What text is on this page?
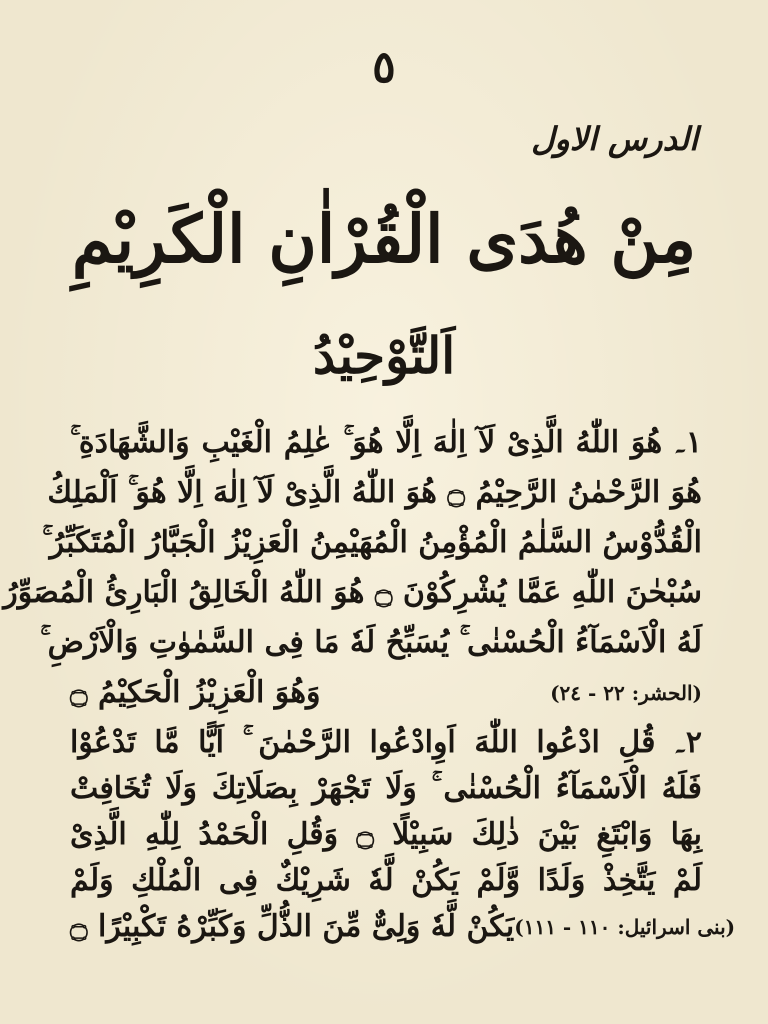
٥
الدرس الاول
مِنْ هُدَى الْقُرْاٰنِ الْكَرِيْمِ
اَلتَّوْحِيْدُ
١۔ هُوَ اللّٰهُ الَّذِىْ لَآ اِلٰهَ اِلَّا هُوَ ۚ عٰلِمُ الْغَيْبِ وَالشَّهَادَةِ ۚ
هُوَ الرَّحْمٰنُ الرَّحِيْمُ ۝ هُوَ اللّٰهُ الَّذِىْ لَآ اِلٰهَ اِلَّا هُوَ ۚ اَلْمَلِكُ
الْقُدُّوْسُ السَّلٰمُ الْمُؤْمِنُ الْمُهَيْمِنُ الْعَزِيْزُ الْجَبَّارُ الْمُتَكَبِّرُ ۚ
سُبْحٰنَ اللّٰهِ عَمَّا يُشْرِكُوْنَ ۝ هُوَ اللّٰهُ الْخَالِقُ الْبَارِئُ الْمُصَوِّرُ
لَهُ الْاَسْمَآءُ الْحُسْنٰى ۚ يُسَبِّحُ لَهٗ مَا فِى السَّمٰوٰتِ وَالْاَرْضِ ۚ
وَهُوَ الْعَزِيْزُ الْحَكِيْمُ ۝	(الحشر: ٢٢ - ٢٤)
٢۔ قُلِ ادْعُوا اللّٰهَ اَوِادْعُوا الرَّحْمٰنَ ۚ اَيًّا مَّا تَدْعُوْا
فَلَهُ الْاَسْمَآءُ الْحُسْنٰى ۚ وَلَا تَجْهَرْ بِصَلَاتِكَ وَلَا تُخَافِتْ
بِهَا وَابْتَغِ بَيْنَ ذٰلِكَ سَبِيْلًا ۝ وَقُلِ الْحَمْدُ لِلّٰهِ الَّذِىْ
لَمْ يَتَّخِذْ وَلَدًا وَّلَمْ يَكُنْ لَّهٗ شَرِيْكٌ فِى الْمُلْكِ وَلَمْ
يَكُنْ لَّهٗ وَلِىٌّ مِّنَ الذُّلِّ وَكَبِّرْهُ تَكْبِيْرًا ۝ (بنی اسرائیل: ١١٠ - ١١١)
